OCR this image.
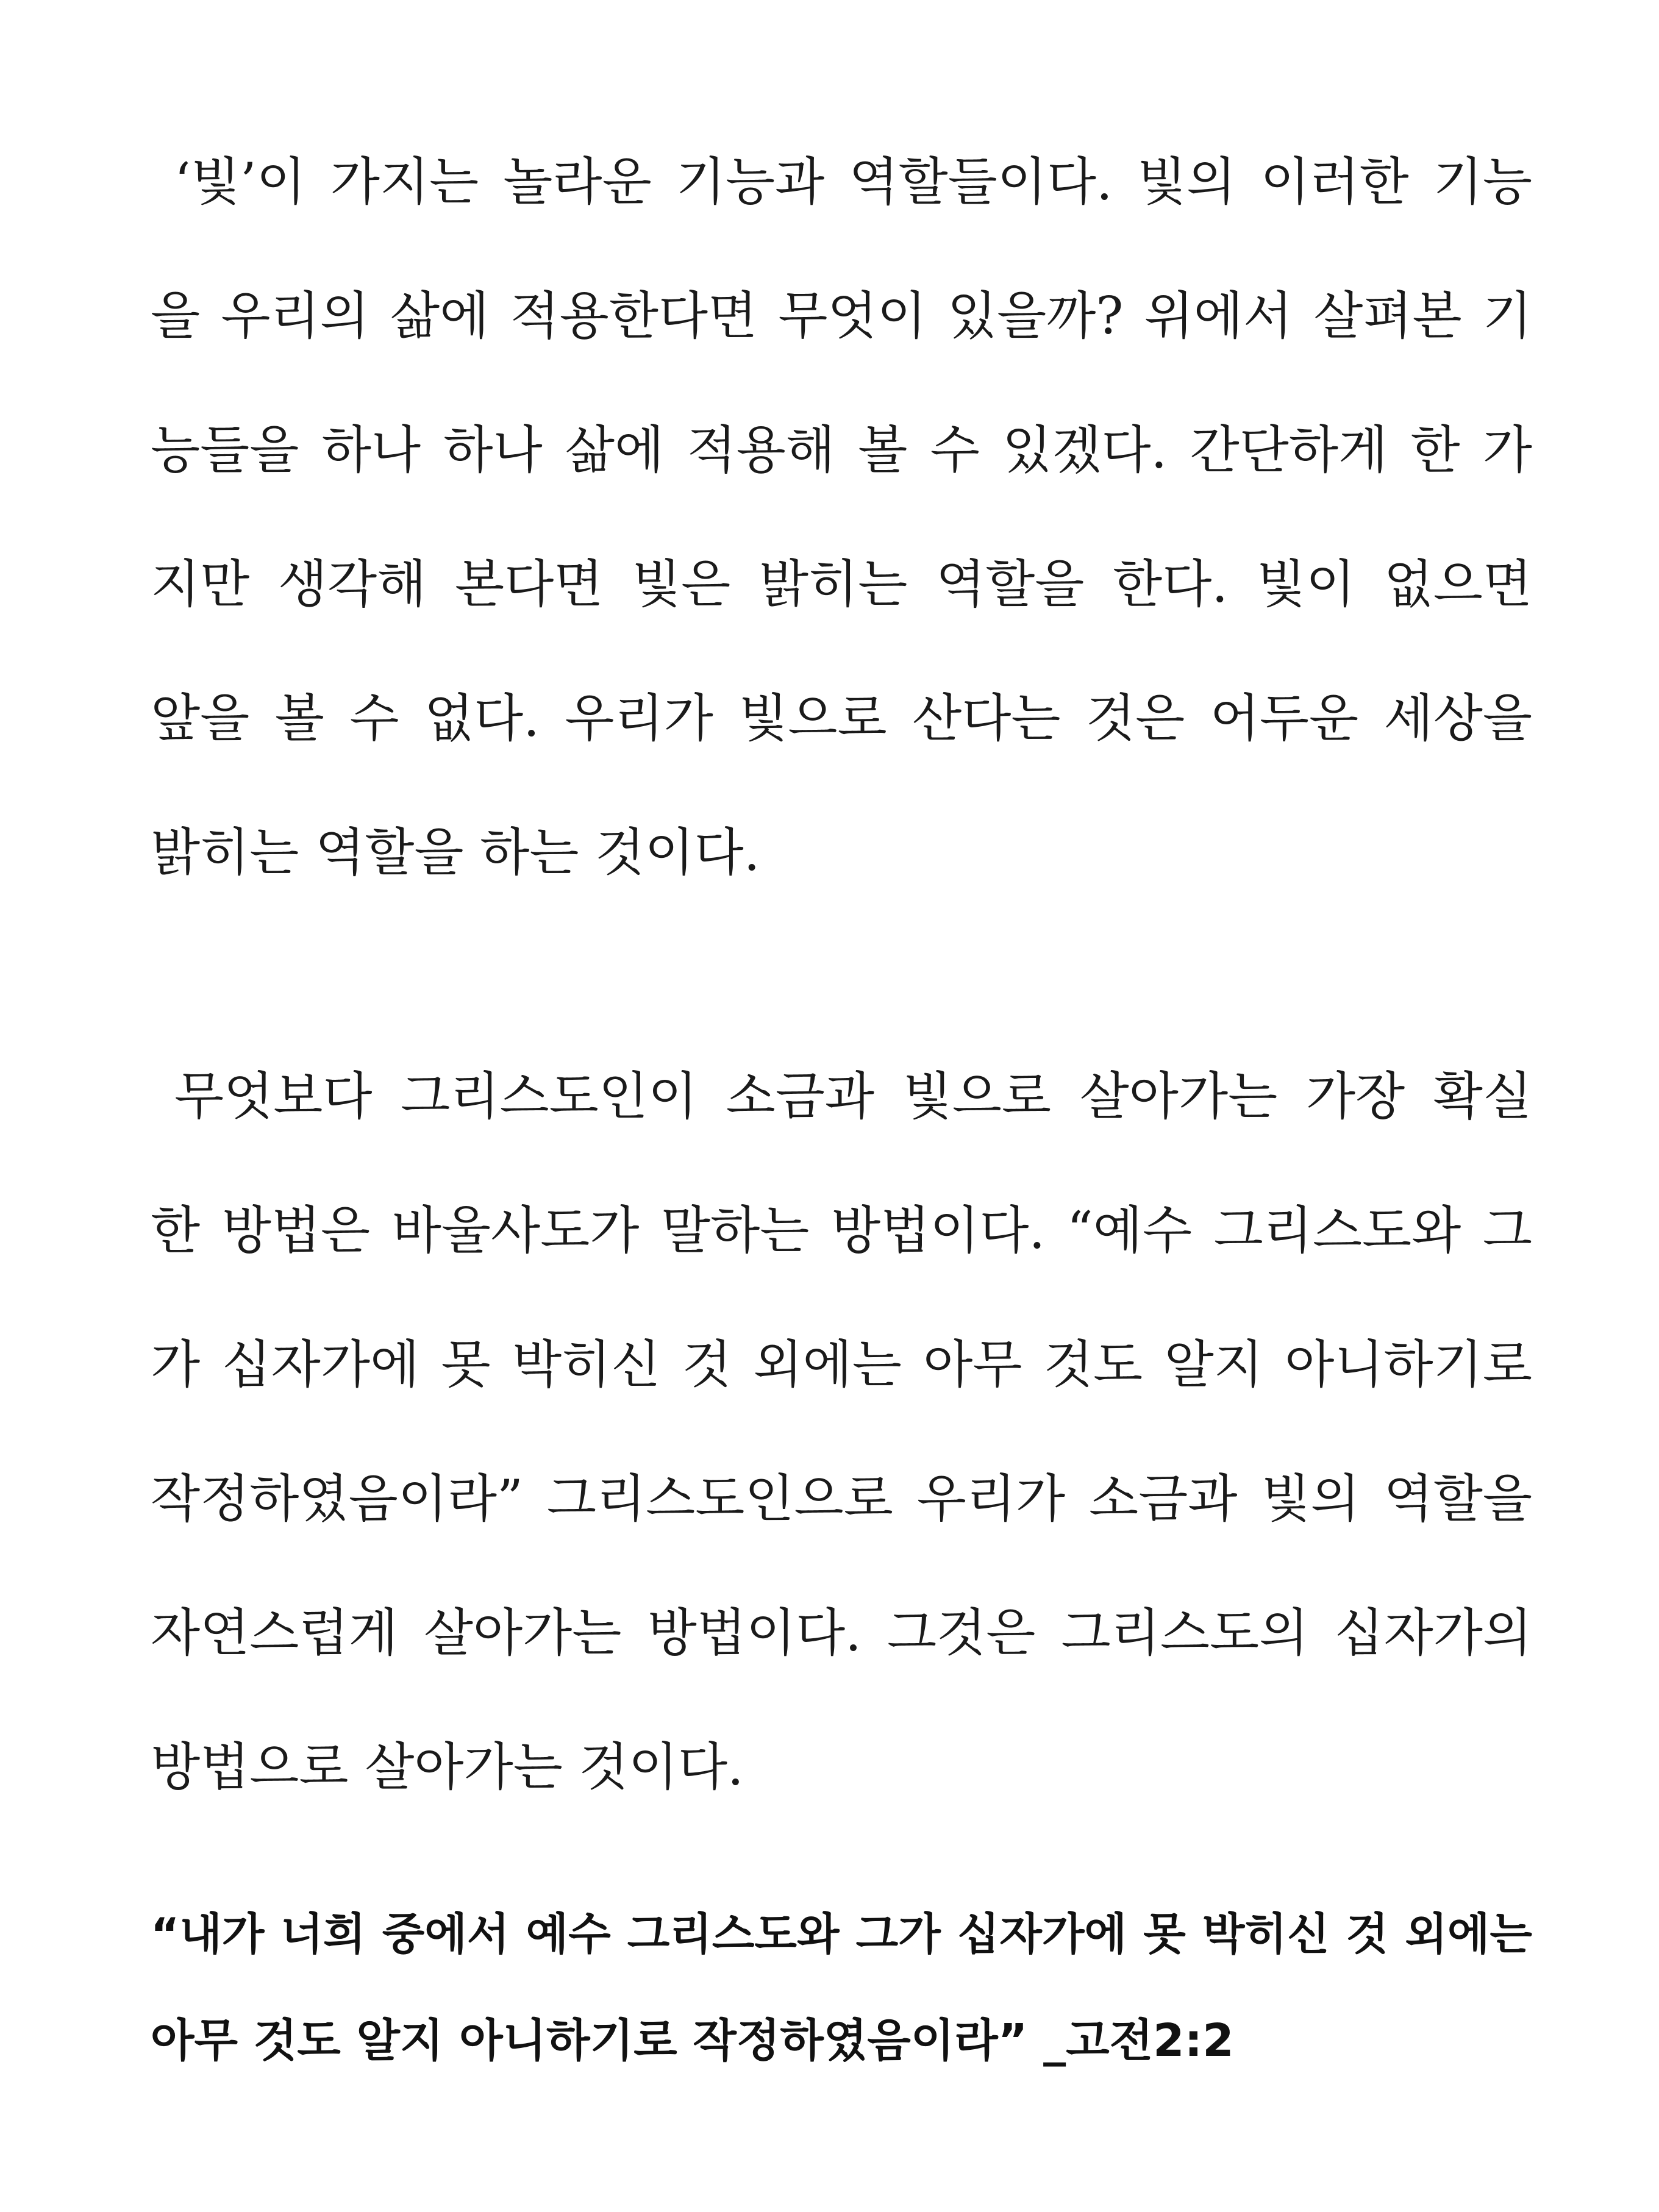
‘빛’이 가지는 놀라운 기능과 역할들이다. 빛의 이러한 기능

을 우리의 삶에 적용한다면 무엇이 있을까? 위에서 살펴본 기

능들을 하나 하나 삶에 적용해 볼 수 있겠다. 간단하게 한 가

지만 생각해 본다면 빛은 밝히는 역할을 한다. 빛이 없으면

앞을 볼 수 없다. 우리가 빛으로 산다는 것은 어두운 세상을

밝히는 역할을 하는 것이다.

무엇보다 그리스도인이 소금과 빛으로 살아가는 가장 확실

한 방법은 바울사도가 말하는 방법이다. “예수 그리스도와 그

가 십자가에 못 박히신 것 외에는 아무 것도 알지 아니하기로

작정하였음이라” 그리스도인으로 우리가 소금과 빛의 역할을

자연스럽게 살아가는 방법이다. 그것은 그리스도의 십자가의

방법으로 살아가는 것이다.

“내가 너희 중에서 예수 그리스도와 그가 십자가에 못 박히신 것 외에는

아무 것도 알지 아니하기로 작정하였음이라” _고전2:2
